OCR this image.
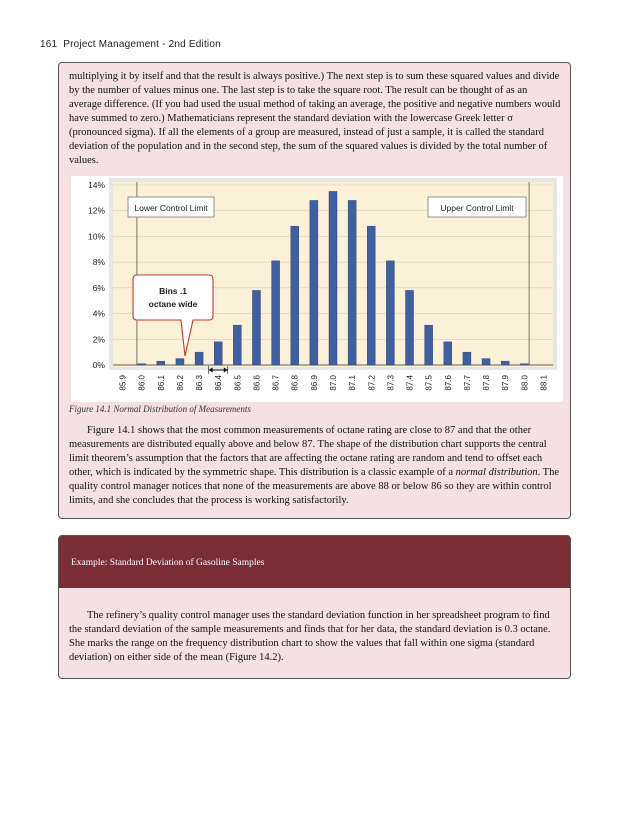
161 Project Management - 2nd Edition

multiplying it by itself and that the result is always positive.) The next step is to sum these squared values and divide by the number of values minus one. The last step is to take the square root. The result can be thought of as an average difference. (If you had used the usual method of taking an average, the positive and negative numbers would have summed to zero.) Mathematicians represent the standard deviation with the lowercase Greek letter σ (pronounced sigma). If all the elements of a group are measured, instead of just a sample, it is called the standard deviation of the population and in the second step, the sum of the squared values is divided by the total number of values.

0%
2%
4%
6%
8%
10%
12%
14%
85.9 86.0 86.1 86.2 86.3 86.4 86.5 86.6 86.7 86.8 86.9 87.0 87.1 87.2 87.3 87.4 87.5 87.6 87.7 87.8 87.9 88.0 88.1
Lower Control Limit	Upper Control Limit
Bins .1
octane wide
Figure 14.1 Normal Distribution of Measurements

Figure 14.1 shows that the most common measurements of octane rating are close to 87 and that the other measurements are distributed equally above and below 87. The shape of the distribution chart supports the central limit theorem’s assumption that the factors that are affecting the octane rating are random and tend to offset each other, which is indicated by the symmetric shape. This distribution is a classic example of a normal distribution. The quality control manager notices that none of the measurements are above 88 or below 86 so they are within control limits, and she concludes that the process is working satisfactorily.

Example: Standard Deviation of Gasoline Samples

The refinery’s quality control manager uses the standard deviation function in her spreadsheet program to find the standard deviation of the sample measurements and finds that for her data, the standard deviation is 0.3 octane. She marks the range on the frequency distribution chart to show the values that fall within one sigma (standard deviation) on either side of the mean (Figure 14.2).
